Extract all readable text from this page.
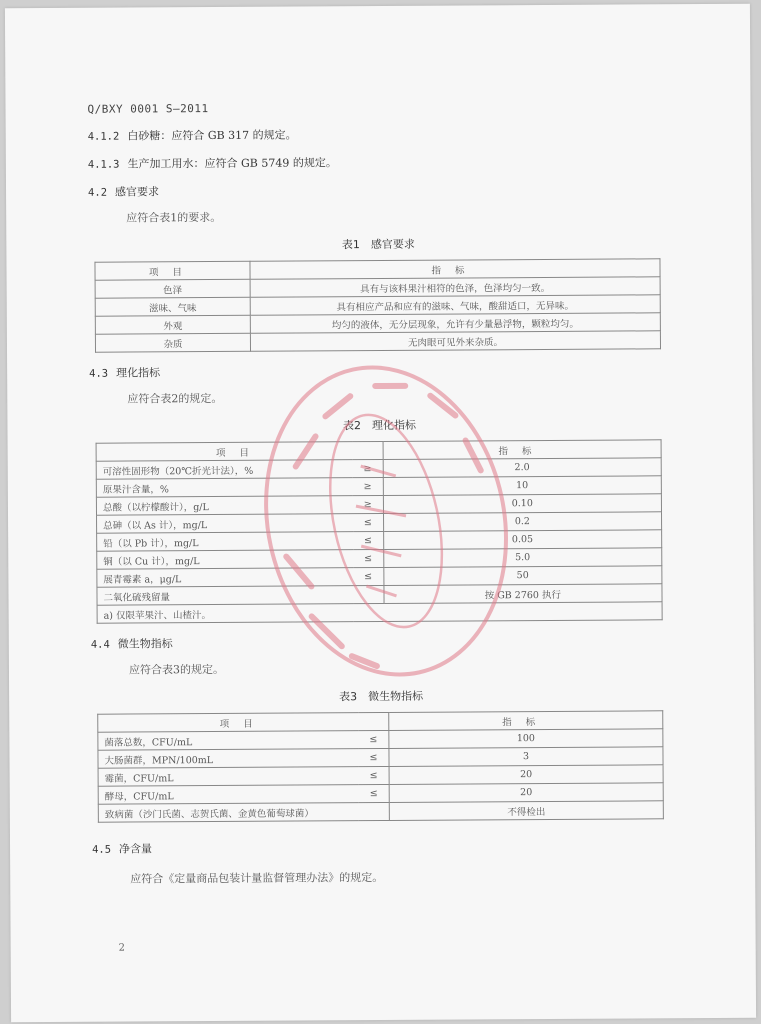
Q/BXY 0001 S—2011
4.1.2 白砂糖：应符合 GB 317 的规定。
4.1.3 生产加工用水：应符合 GB 5749 的规定。
4.2 感官要求
应符合表1的要求。
表1　感官要求
项目	指标
色泽	具有与该料果汁相符的色泽，色泽均匀一致。
滋味、气味	具有相应产品和应有的滋味、气味，酸甜适口，无异味。
外观	均匀的液体，无分层现象，允许有少量悬浮物，颗粒均匀。
杂质	无肉眼可见外来杂质。
4.3 理化指标
应符合表2的规定。
表2　理化指标
项目		指标
可溶性固形物（20℃折光计法），%	≥	2.0
原果汁含量，%	≥	10
总酸（以柠檬酸计），g/L	≥	0.10
总砷（以 As 计），mg/L	≤	0.2
铅（以 Pb 计），mg/L	≤	0.05
铜（以 Cu 计），mg/L	≤	5.0
展青霉素 a，μg/L	≤	50
二氧化硫残留量		按 GB 2760 执行
a) 仅限苹果汁、山楂汁。		
4.4 微生物指标
应符合表3的规定。
表3　微生物指标
项目		指标
菌落总数，CFU/mL	≤	100
大肠菌群，MPN/100mL	≤	3
霉菌，CFU/mL	≤	20
酵母，CFU/mL	≤	20
致病菌（沙门氏菌、志贺氏菌、金黄色葡萄球菌）		不得检出
4.5 净含量
应符合《定量商品包装计量监督管理办法》的规定。
2
